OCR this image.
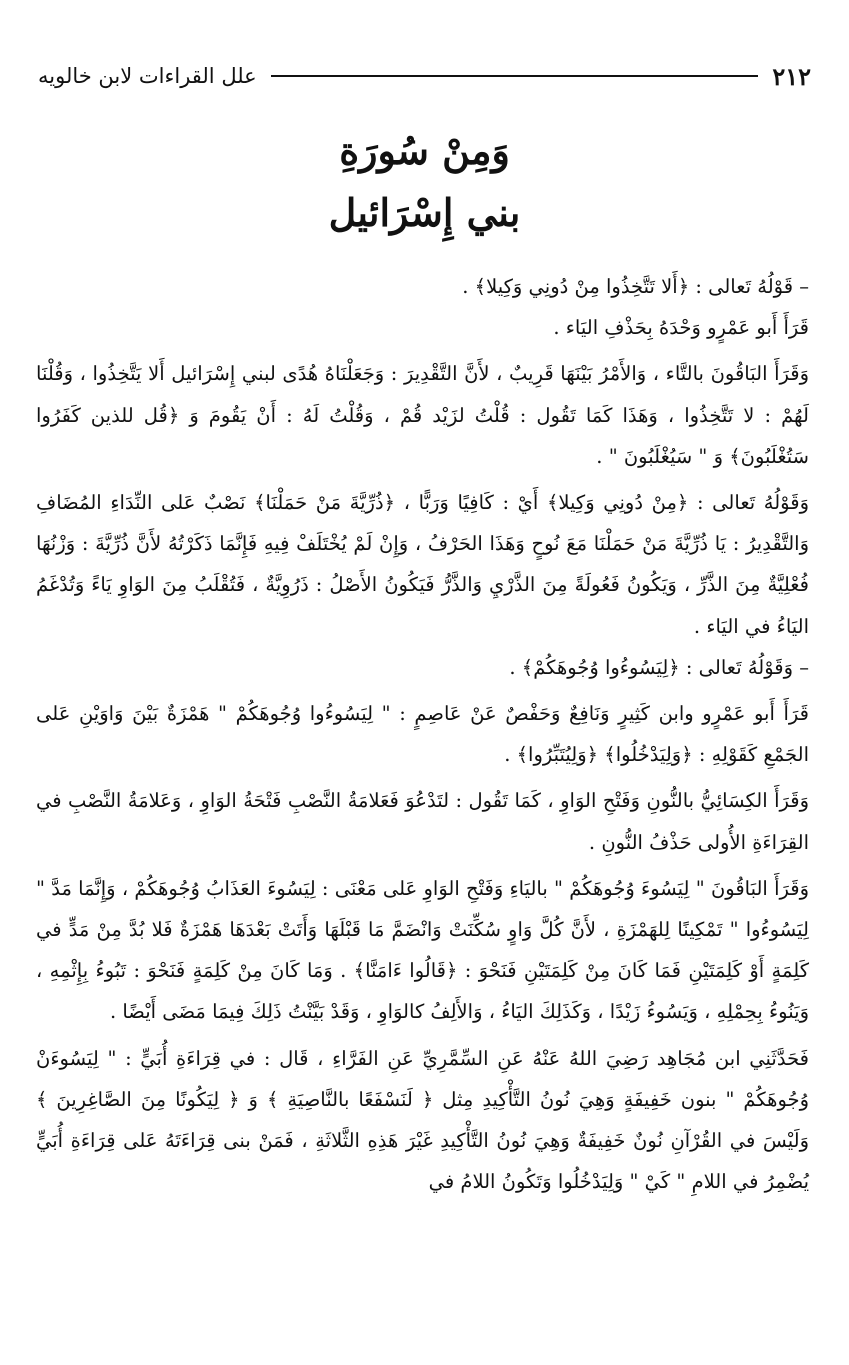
٢١٢
علل القراءات لابن خالويه
وَمِنْ سُورَةِ
بني إِسْرَائيل

– قَوْلُهُ تَعالى : ﴿أَلا تَتَّخِذُوا مِنْ دُونِي وَكِيلا﴾ .

قَرَأَ أَبو عَمْرٍو وَحْدَهُ بِحَذْفِ اليَاء .

وَقَرَأَ البَاقُونَ بالتَّاء ، وَالأَمْرُ بَيْنَهَا قَرِيبٌ ، لأَنَّ التَّقْدِيرَ : وَجَعَلْنَاهُ هُدًى لبني إِسْرَائيل أَلا يَتَّخِذُوا ، وَقُلْنَا لَهُمْ : لا تَتَّخِذُوا ، وَهَذَا كَمَا تَقُول : قُلْتُ لزَيْد قُمْ ، وَقُلْتُ لَهُ : أَنْ يَقُومَ وَ ﴿قُل للذين كَفَرُوا سَتُغْلَبُونَ﴾ وَ " سَيُغْلَبُونَ " .

وَقَوْلُهُ تَعالى : ﴿مِنْ دُونِي وَكِيلا﴾ أَيْ : كَافِيًا وَرَبًّا ، ﴿ذُرِّيَّةَ مَنْ حَمَلْنَا﴾ نَصْبٌ عَلى النِّدَاءِ المُضَافِ وَالتَّقْدِيرُ : يَا ذُرِّيَّةَ مَنْ حَمَلْنَا مَعَ نُوحٍ وَهَذَا الحَرْفُ ، وَإِنْ لَمْ يُخْتَلَفْ فِيهِ فَإِنَّمَا ذَكَرْتُهُ لأَنَّ ذُرِّيَّةَ : وَزْنُهَا فُعْلِيَّةٌ مِنَ الذَّرِّ ، وَيَكُونُ فَعُولَةً مِنَ الذَّرْيِ وَالذَّرُّ فَيَكُونُ الأَصْلُ : ذَرُوِيَّةٌ ، فَتُقْلَبُ مِنَ الوَاوِ يَاءً وَتُدْغَمُ اليَاءُ في اليَاء .

– وَقَوْلُهُ تَعالى : ﴿لِيَسُوءُوا وُجُوهَكُمْ﴾ .

قَرَأَ أَبو عَمْرٍو وابن كَثِيرٍ وَنَافِعٌ وَحَفْصٌ عَنْ عَاصِمٍ : " لِيَسُوءُوا وُجُوهَكُمْ " هَمْزَةٌ بَيْنَ وَاوَيْنِ عَلى الجَمْعِ كَقَوْلِهِ : ﴿وَلِيَدْخُلُوا﴾ ﴿وَلِيُتَبِّرُوا﴾ .

وَقَرَأَ الكِسَائِيُّ بالنُّونِ وَفَتْحِ الوَاوِ ، كَمَا تَقُول : لتَدْعُوَ فَعَلامَةُ النَّصْبِ فَتْحَةُ الوَاوِ ، وَعَلامَةُ النَّصْبِ في القِرَاءَةِ الأُولى حَذْفُ النُّونِ .

وَقَرَأَ البَاقُونَ " لِيَسُوءَ وُجُوهَكُمْ " باليَاءِ وَفَتْحِ الوَاوِ عَلى مَعْنَى : لِيَسُوءَ العَذَابُ وُجُوهَكُمْ ، وَإِنَّمَا مَدَّ " لِيَسُوءُوا " تَمْكِينًا لِلهَمْزَةِ ، لأَنَّ كُلَّ وَاوٍ سُكِّنَتْ وَانْضَمَّ مَا قَبْلَهَا وَأَتَتْ بَعْدَهَا هَمْزَةٌ فَلا بُدَّ مِنْ مَدٍّ في كَلِمَةٍ أَوْ كَلِمَتَيْنِ فَمَا كَانَ مِنْ كَلِمَتَيْنِ فَنَحْوَ : ﴿قَالُوا ءَامَنَّا﴾ . وَمَا كَانَ مِنْ كَلِمَةٍ فَنَحْوَ : تَبُوءُ بِإِثْمِهِ ، وَيَنُوءُ بِحِمْلِهِ ، وَيَسُوءُ زَيْدًا ، وَكَذَلِكَ اليَاءُ ، وَالأَلِفُ كالوَاوِ ، وَقَدْ بَيَّنْتُ ذَلِكَ فِيمَا مَضَى أَيْضًا .

فَحَدَّثَنِي ابن مُجَاهِد رَضِيَ اللهُ عَنْهُ عَنِ السِّمَّرِيِّ عَنِ الفَرَّاءِ ، قَال : في قِرَاءَةِ أُبَيٍّ : " لِيَسُوءَنْ وُجُوهَكُمْ " بنون خَفِيفَةٍ وَهِيَ نُونُ التَّأْكِيدِ مِثل ﴿ لَنَسْفَعًا بالنَّاصِيَةِ ﴾ وَ ﴿ لِيَكُونًا مِنَ الصَّاغِرِينَ ﴾ وَلَيْسَ في القُرْآنِ نُونٌ خَفِيفَةٌ وَهِيَ نُونُ التَّأْكِيدِ غَيْرَ هَذِهِ الثَّلاثَةِ ، فَمَنْ بنى قِرَاءَتَهُ عَلى قِرَاءَةِ أُبَيٍّ يُضْمِرُ في اللامِ " كَيْ " وَلِيَدْخُلُوا وَتَكُونُ اللامُ في
